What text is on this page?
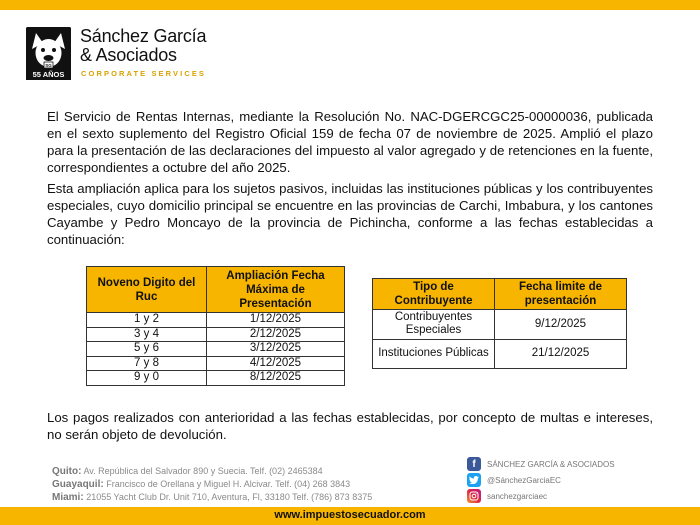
SG
55 AÑOS
Sánchez García
& Asociados
CORPORATE SERVICES

El Servicio de Rentas Internas, mediante la Resolución No. NAC-DGERCGC25-00000036, publicada en el sexto suplemento del Registro Oficial 159 de fecha 07 de noviembre de 2025. Amplió el plazo para la presentación de las declaraciones del impuesto al valor agregado y de retenciones en la fuente, correspondientes a octubre del año 2025.

Esta ampliación aplica para los sujetos pasivos, incluidas las instituciones públicas y los contribuyentes especiales, cuyo domicilio principal se encuentre en las provincias de Carchi, Imbabura, y los cantones Cayambe y Pedro Moncayo de la provincia de Pichincha, conforme a las fechas establecidas a continuación:

Noveno Digito del Ruc	Ampliación Fecha Máxima de Presentación
1 y 2	1/12/2025
3 y 4	2/12/2025
5 y 6	3/12/2025
7 y 8	4/12/2025
9 y 0	8/12/2025
Tipo de Contribuyente	Fecha limite de presentación
Contribuyentes Especiales	9/12/2025
Instituciones Públicas	21/12/2025

Los pagos realizados con anterioridad a las fechas establecidas, por concepto de multas e intereses, no serán objeto de devolución.

Quito: Av. República del Salvador 890 y Suecia. Telf. (02) 2465384
Guayaquil: Francisco de Orellana y Miguel H. Alcivar. Telf. (04) 268 3843
Miami: 21055 Yacht Club Dr. Unit 710, Aventura, Fl, 33180 Telf. (786) 873 8375
f	SÁNCHEZ GARCÍA & ASOCIADOS
@SánchezGarciaEC
sanchezgarciaec
www.impuestosecuador.com
